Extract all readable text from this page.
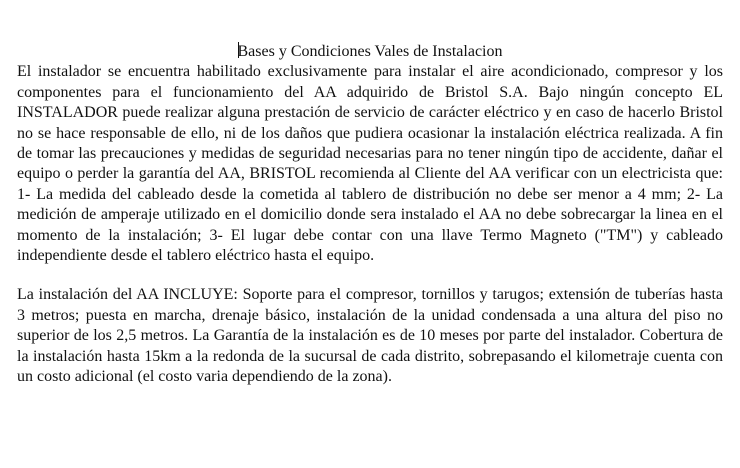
Bases y Condiciones Vales de Instalacion

El instalador se encuentra habilitado exclusivamente para instalar el aire acondicionado, compresor y los componentes para el funcionamiento del AA adquirido de Bristol S.A. Bajo ningún concepto EL INSTALADOR puede realizar alguna prestación de servicio de carácter eléctrico y en caso de hacerlo Bristol no se hace responsable de ello, ni de los daños que pudiera ocasionar la instalación eléctrica realizada. A fin de tomar las precauciones y medidas de seguridad necesarias para no tener ningún tipo de accidente, dañar el equipo o perder la garantía del AA, BRISTOL recomienda al Cliente del AA verificar con un electricista que: 1- La medida del cableado desde la cometida al tablero de distribución no debe ser menor a 4 mm; 2- La medición de amperaje utilizado en el domicilio donde sera instalado el AA no debe sobrecargar la linea en el momento de la instalación; 3- El lugar debe contar con una llave Termo Magneto ("TM") y cableado independiente desde el tablero eléctrico hasta el equipo.

La instalación del AA INCLUYE: Soporte para el compresor, tornillos y tarugos; extensión de tuberías hasta 3 metros; puesta en marcha, drenaje básico, instalación de la unidad condensada a una altura del piso no superior de los 2,5 metros. La Garantía de la instalación es de 10 meses por parte del instalador. Cobertura de la instalación hasta 15km a la redonda de la sucursal de cada distrito, sobrepasando el kilometraje cuenta con un costo adicional (el costo varia dependiendo de la zona).
